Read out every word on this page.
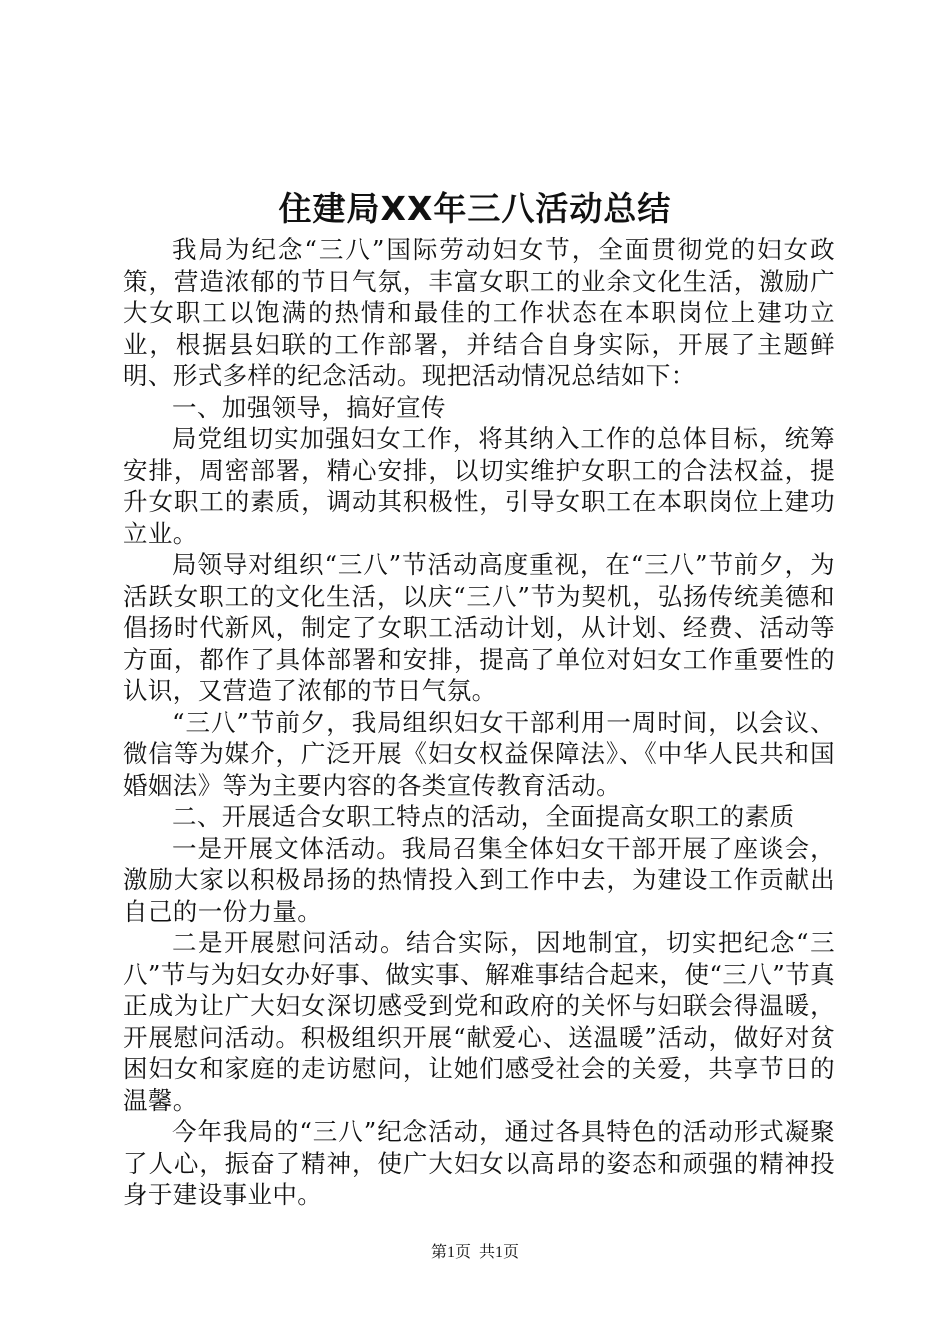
住建局XX年三八活动总结

我局为纪念“三八”国际劳动妇女节，全面贯彻党的妇女政策，营造浓郁的节日气氛，丰富女职工的业余文化生活，激励广大女职工以饱满的热情和最佳的工作状态在本职岗位上建功立业，根据县妇联的工作部署，并结合自身实际，开展了主题鲜明、形式多样的纪念活动。现把活动情况总结如下：

一、加强领导，搞好宣传

局党组切实加强妇女工作，将其纳入工作的总体目标，统筹安排，周密部署，精心安排，以切实维护女职工的合法权益，提升女职工的素质，调动其积极性，引导女职工在本职岗位上建功立业。

局领导对组织“三八”节活动高度重视，在“三八”节前夕，为活跃女职工的文化生活，以庆“三八”节为契机，弘扬传统美德和倡扬时代新风，制定了女职工活动计划，从计划、经费、活动等方面，都作了具体部署和安排，提高了单位对妇女工作重要性的认识，又营造了浓郁的节日气氛。

“三八”节前夕，我局组织妇女干部利用一周时间，以会议、微信等为媒介，广泛开展《妇女权益保障法》、《中华人民共和国婚姻法》等为主要内容的各类宣传教育活动。

二、开展适合女职工特点的活动，全面提高女职工的素质

一是开展文体活动。我局召集全体妇女干部开展了座谈会，激励大家以积极昂扬的热情投入到工作中去，为建设工作贡献出自己的一份力量。

二是开展慰问活动。结合实际，因地制宜，切实把纪念“三八”节与为妇女办好事、做实事、解难事结合起来，使“三八”节真正成为让广大妇女深切感受到党和政府的关怀与妇联会得温暖，开展慰问活动。积极组织开展“献爱心、送温暖”活动，做好对贫困妇女和家庭的走访慰问，让她们感受社会的关爱，共享节日的温馨。

今年我局的“三八”纪念活动，通过各具特色的活动形式凝聚了人心，振奋了精神，使广大妇女以高昂的姿态和顽强的精神投身于建设事业中。

第1页 共1页
